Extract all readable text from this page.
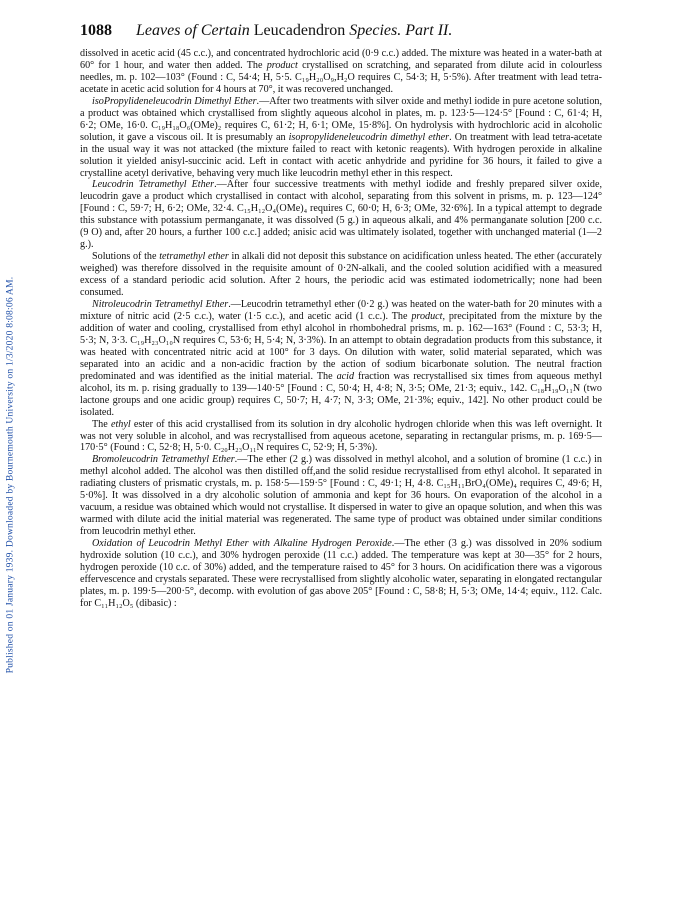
Published on 01 January 1939. Downloaded by Bournemouth University on 1/3/2020 8:08:06 AM.
1088 Leaves of Certain Leucadendron Species. Part II.

dissolved in acetic acid (45 c.c.), and concentrated hydrochloric acid (0·9 c.c.) added. The mixture was heated in a water-bath at 60° for 1 hour, and water then added. The product crystallised on scratching, and separated from dilute acid in colourless needles, m. p. 102—103° (Found : C, 54·4; H, 5·5. C₁₉H₂₀O₉,H₂O requires C, 54·3; H, 5·5%). After treatment with lead tetra-acetate in acetic acid solution for 4 hours at 70°, it was recovered unchanged.

isoPropylideneleucodrin Dimethyl Ether.—After two treatments with silver oxide and methyl iodide in pure acetone solution, a product was obtained which crystallised from slightly aqueous alcohol in plates, m. p. 123·5—124·5° [Found : C, 61·4; H, 6·2; OMe, 16·0. C₁₉H₁₈O₆(OMe)₂ requires C, 61·2; H, 6·1; OMe, 15·8%]. On hydrolysis with hydrochloric acid in alcoholic solution, it gave a viscous oil. It is presumably an isopropylideneleucodrin dimethyl ether. On treatment with lead tetra-acetate in the usual way it was not attacked (the mixture failed to react with ketonic reagents). With hydrogen peroxide in alkaline solution it yielded anisyl-succinic acid. Left in contact with acetic anhydride and pyridine for 36 hours, it failed to give a crystalline acetyl derivative, behaving very much like leucodrin methyl ether in this respect.

Leucodrin Tetramethyl Ether.—After four successive treatments with methyl iodide and freshly prepared silver oxide, leucodrin gave a product which crystallised in contact with alcohol, separating from this solvent in prisms, m. p. 123—124° [Found : C, 59·7; H, 6·2; OMe, 32·4. C₁₅H₁₂O₄(OMe)₄ requires C, 60·0; H, 6·3; OMe, 32·6%]. In a typical attempt to degrade this substance with potassium permanganate, it was dissolved (5 g.) in aqueous alkali, and 4% permanganate solution [200 c.c. (9 O) and, after 20 hours, a further 100 c.c.] added; anisic acid was ultimately isolated, together with unchanged material (1—2 g.).

Solutions of the tetramethyl ether in alkali did not deposit this substance on acidification unless heated. The ether (accurately weighed) was therefore dissolved in the requisite amount of 0·2N-alkali, and the cooled solution acidified with a measured excess of a standard periodic acid solution. After 2 hours, the periodic acid was estimated iodometrically; none had been consumed.

Nitroleucodrin Tetramethyl Ether.—Leucodrin tetramethyl ether (0·2 g.) was heated on the water-bath for 20 minutes with a mixture of nitric acid (2·5 c.c.), water (1·5 c.c.), and acetic acid (1 c.c.). The product, precipitated from the mixture by the addition of water and cooling, crystallised from ethyl alcohol in rhombohedral prisms, m. p. 162—163° (Found : C, 53·3; H, 5·3; N, 3·3. C₁₉H₂₃O₁₀N requires C, 53·6; H, 5·4; N, 3·3%). In an attempt to obtain degradation products from this substance, it was heated with concentrated nitric acid at 100° for 3 days. On dilution with water, solid material separated, which was separated into an acidic and a non-acidic fraction by the action of sodium bicarbonate solution. The neutral fraction predominated and was identified as the initial material. The acid fraction was recrystallised six times from aqueous methyl alcohol, its m. p. rising gradually to 139—140·5° [Found : C, 50·4; H, 4·8; N, 3·5; OMe, 21·3; equiv., 142. C₁₈H₁₉O₁₁N (two lactone groups and one acidic group) requires C, 50·7; H, 4·7; N, 3·3; OMe, 21·3%; equiv., 142]. No other product could be isolated.

The ethyl ester of this acid crystallised from its solution in dry alcoholic hydrogen chloride when this was left overnight. It was not very soluble in alcohol, and was recrystallised from aqueous acetone, separating in rectangular prisms, m. p. 169·5—170·5° (Found : C, 52·8; H, 5·0. C₂₀H₂₃O₁₁N requires C, 52·9; H, 5·3%).

Bromoleucodrin Tetramethyl Ether.—The ether (2 g.) was dissolved in methyl alcohol, and a solution of bromine (1 c.c.) in methyl alcohol added. The alcohol was then distilled off,and the solid residue recrystallised from ethyl alcohol. It separated in radiating clusters of prismatic crystals, m. p. 158·5—159·5° [Found : C, 49·1; H, 4·8. C₁₅H₁₁BrO₄(OMe)₄ requires C, 49·6; H, 5·0%]. It was dissolved in a dry alcoholic solution of ammonia and kept for 36 hours. On evaporation of the alcohol in a vacuum, a residue was obtained which would not crystallise. It dispersed in water to give an opaque solution, and when this was warmed with dilute acid the initial material was regenerated. The same type of product was obtained under similar conditions from leucodrin methyl ether.

Oxidation of Leucodrin Methyl Ether with Alkaline Hydrogen Peroxide.—The ether (3 g.) was dissolved in 20% sodium hydroxide solution (10 c.c.), and 30% hydrogen peroxide (11 c.c.) added. The temperature was kept at 30—35° for 2 hours, hydrogen peroxide (10 c.c. of 30%) added, and the temperature raised to 45° for 3 hours. On acidification there was a vigorous effervescence and crystals separated. These were recrystallised from slightly alcoholic water, separating in elongated rectangular plates, m. p. 199·5—200·5°, decomp. with evolution of gas above 205° [Found : C, 58·8; H, 5·3; OMe, 14·4; equiv., 112. Calc. for C₁₁H₁₂O₅ (dibasic) :
